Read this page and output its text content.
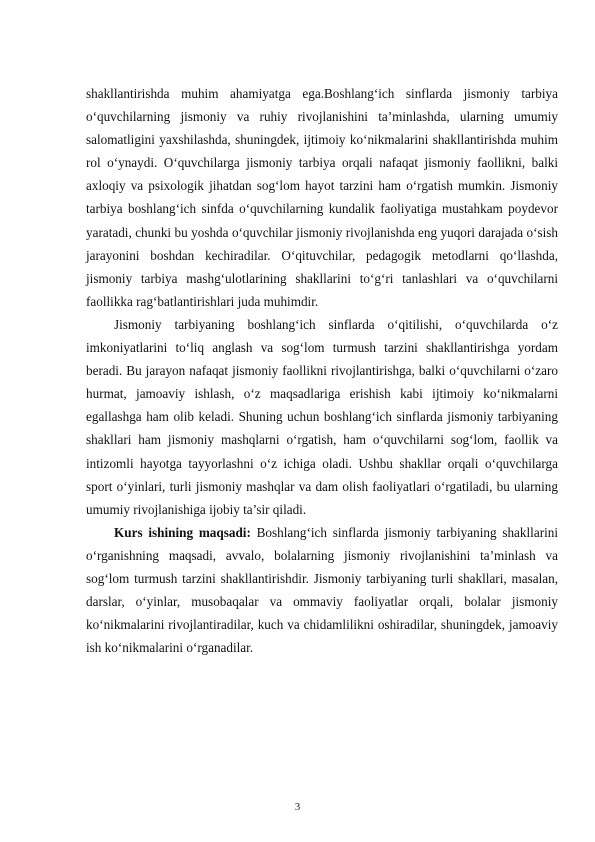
shakllantirishda muhim ahamiyatga ega.Boshlang‘ich sinflarda jismoniy tarbiya o‘quvchilarning jismoniy va ruhiy rivojlanishini ta’minlashda, ularning umumiy salomatligini yaxshilashda, shuningdek, ijtimoiy ko‘nikmalarini shakllantirishda muhim rol o‘ynaydi. O‘quvchilarga jismoniy tarbiya orqali nafaqat jismoniy faollikni, balki axloqiy va psixologik jihatdan sog‘lom hayot tarzini ham o‘rgatish mumkin. Jismoniy tarbiya boshlang‘ich sinfda o‘quvchilarning kundalik faoliyatiga mustahkam poydevor yaratadi, chunki bu yoshda o‘quvchilar jismoniy rivojlanishda eng yuqori darajada o‘sish jarayonini boshdan kechiradilar. O‘qituvchilar, pedagogik metodlarni qo‘llashda, jismoniy tarbiya mashg‘ulotlarining shakllarini to‘g‘ri tanlashlari va o‘quvchilarni faollikka rag‘batlantirishlari juda muhimdir.

Jismoniy tarbiyaning boshlang‘ich sinflarda o‘qitilishi, o‘quvchilarda o‘z imkoniyatlarini to‘liq anglash va sog‘lom turmush tarzini shakllantirishga yordam beradi. Bu jarayon nafaqat jismoniy faollikni rivojlantirishga, balki o‘quvchilarni o‘zaro hurmat, jamoaviy ishlash, o‘z maqsadlariga erishish kabi ijtimoiy ko‘nikmalarni egallashga ham olib keladi. Shuning uchun boshlang‘ich sinflarda jismoniy tarbiyaning shakllari ham jismoniy mashqlarni o‘rgatish, ham o‘quvchilarni sog‘lom, faollik va intizomli hayotga tayyorlashni o‘z ichiga oladi. Ushbu shakllar orqali o‘quvchilarga sport o‘yinlari, turli jismoniy mashqlar va dam olish faoliyatlari o‘rgatiladi, bu ularning umumiy rivojlanishiga ijobiy ta’sir qiladi.

Kurs ishining maqsadi: Boshlang‘ich sinflarda jismoniy tarbiyaning shakllarini o‘rganishning maqsadi, avvalo, bolalarning jismoniy rivojlanishini ta’minlash va sog‘lom turmush tarzini shakllantirishdir. Jismoniy tarbiyaning turli shakllari, masalan, darslar, o‘yinlar, musobaqalar va ommaviy faoliyatlar orqali, bolalar jismoniy ko‘nikmalarini rivojlantiradilar, kuch va chidamlilikni oshiradilar, shuningdek, jamoaviy ish ko‘nikmalarini o‘rganadilar.

3
